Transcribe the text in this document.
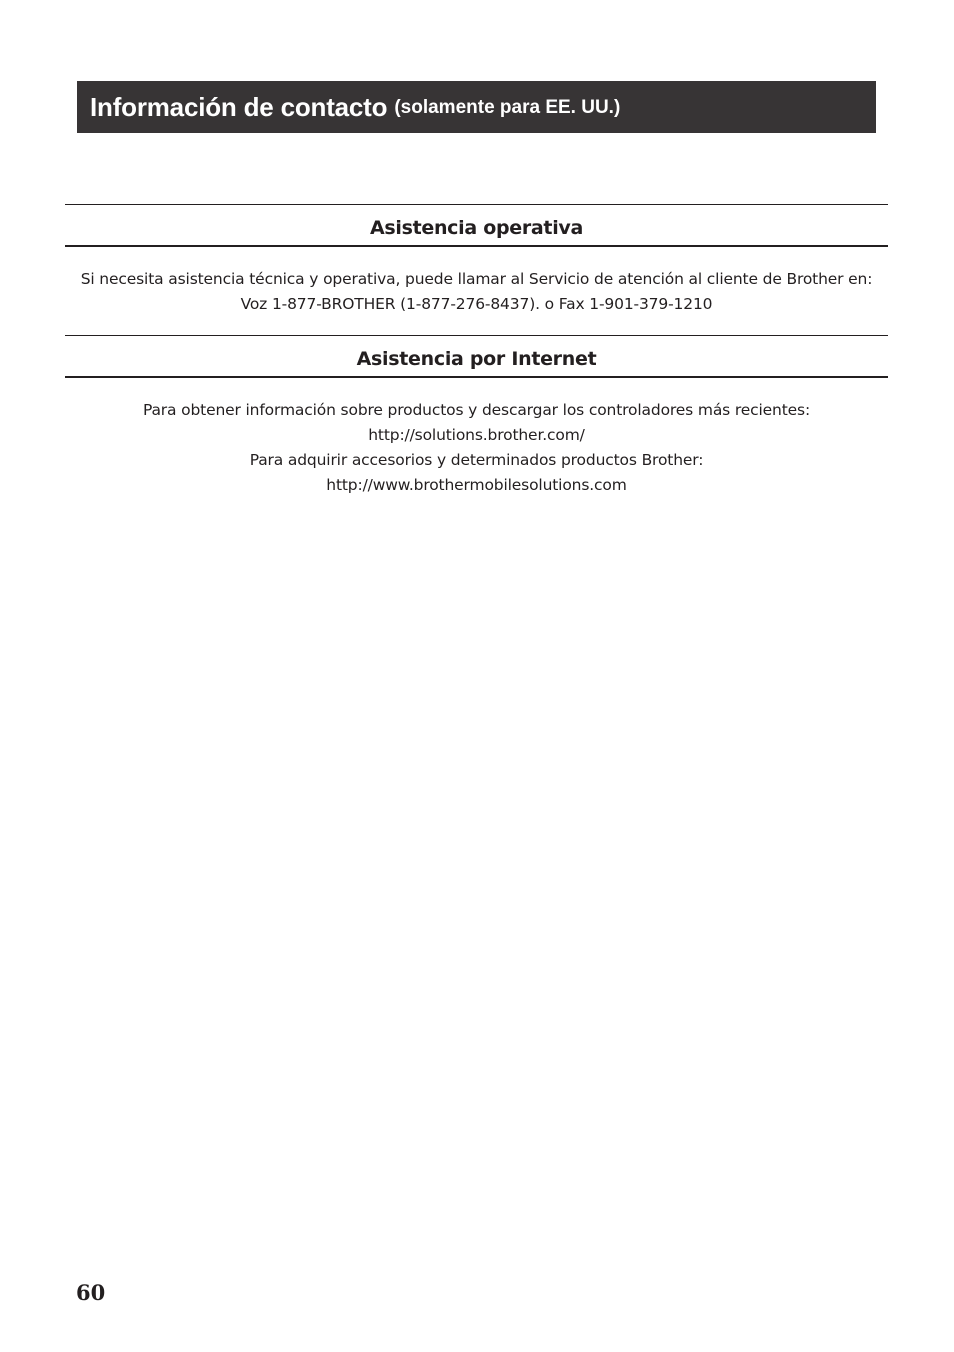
Información de contacto (solamente para EE. UU.)
Asistencia operativa
Si necesita asistencia técnica y operativa, puede llamar al Servicio de atención al cliente de Brother en:
Voz 1-877-BROTHER (1-877-276-8437). o Fax 1-901-379-1210
Asistencia por Internet
Para obtener información sobre productos y descargar los controladores más recientes:
http://solutions.brother.com/
Para adquirir accesorios y determinados productos Brother:
http://www.brothermobilesolutions.com
60
